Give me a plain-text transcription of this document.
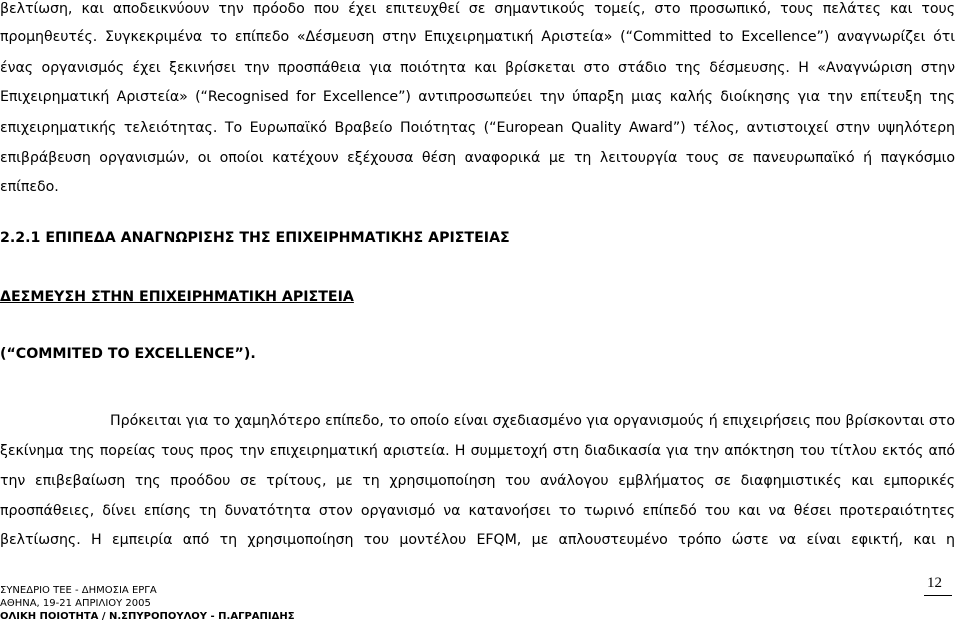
βελτίωση, και αποδεικνύουν την πρόοδο που έχει επιτευχθεί σε σημαντικούς τομείς, στο προσωπικό, τους πελάτες και τους
προμηθευτές. Συγκεκριμένα το επίπεδο «Δέσμευση στην Επιχειρηματική Αριστεία» (“Committed to Excellence”) αναγνωρίζει ότι
ένας οργανισμός έχει ξεκινήσει την προσπάθεια για ποιότητα και βρίσκεται στο στάδιο της δέσμευσης. Η «Αναγνώριση στην
Επιχειρηματική Αριστεία» (“Recognised for Excellence”) αντιπροσωπεύει την ύπαρξη μιας καλής διοίκησης για την επίτευξη της
επιχειρηματικής τελειότητας. Το Ευρωπαϊκό Βραβείο Ποιότητας (“European Quality Award”) τέλος, αντιστοιχεί στην υψηλότερη
επιβράβευση οργανισμών, οι οποίοι κατέχουν εξέχουσα θέση αναφορικά με τη λειτουργία τους σε πανευρωπαϊκό ή παγκόσμιο
επίπεδο.
2.2.1 ΕΠΙΠΕΔΑ ΑΝΑΓΝΩΡΙΣΗΣ ΤΗΣ ΕΠΙΧΕΙΡΗΜΑΤΙΚΗΣ ΑΡΙΣΤΕΙΑΣ
ΔΕΣΜΕΥΣΗ ΣΤΗΝ ΕΠΙΧΕΙΡΗΜΑΤΙΚΗ ΑΡΙΣΤΕΙΑ
(“COMMITED TO EXCELLENCE”).
Πρόκειται για το χαμηλότερο επίπεδο, το οποίο είναι σχεδιασμένο για οργανισμούς ή επιχειρήσεις που βρίσκονται στο
ξεκίνημα της πορείας τους προς την επιχειρηματική αριστεία. Η συμμετοχή στη διαδικασία για την απόκτηση του τίτλου εκτός από
την επιβεβαίωση της προόδου σε τρίτους, με τη χρησιμοποίηση του ανάλογου εμβλήματος σε διαφημιστικές και εμπορικές
προσπάθειες, δίνει επίσης τη δυνατότητα στον οργανισμό να κατανοήσει το τωρινό επίπεδό του και να θέσει προτεραιότητες
βελτίωσης. Η εμπειρία από τη χρησιμοποίηση του μοντέλου EFQM, με απλουστευμένο τρόπο ώστε να είναι εφικτή, και η
ΣΥΝΕΔΡΙΟ ΤΕΕ - ΔΗΜΟΣΙΑ ΕΡΓΑ
ΑΘΗΝΑ, 19-21 ΑΠΡΙΛΙΟΥ 2005
ΟΛΙΚΗ ΠΟΙΟΤΗΤΑ / Ν.ΣΠΥΡΟΠΟΥΛΟΥ - Π.ΑΓΡΑΠΙΔΗΣ
12
